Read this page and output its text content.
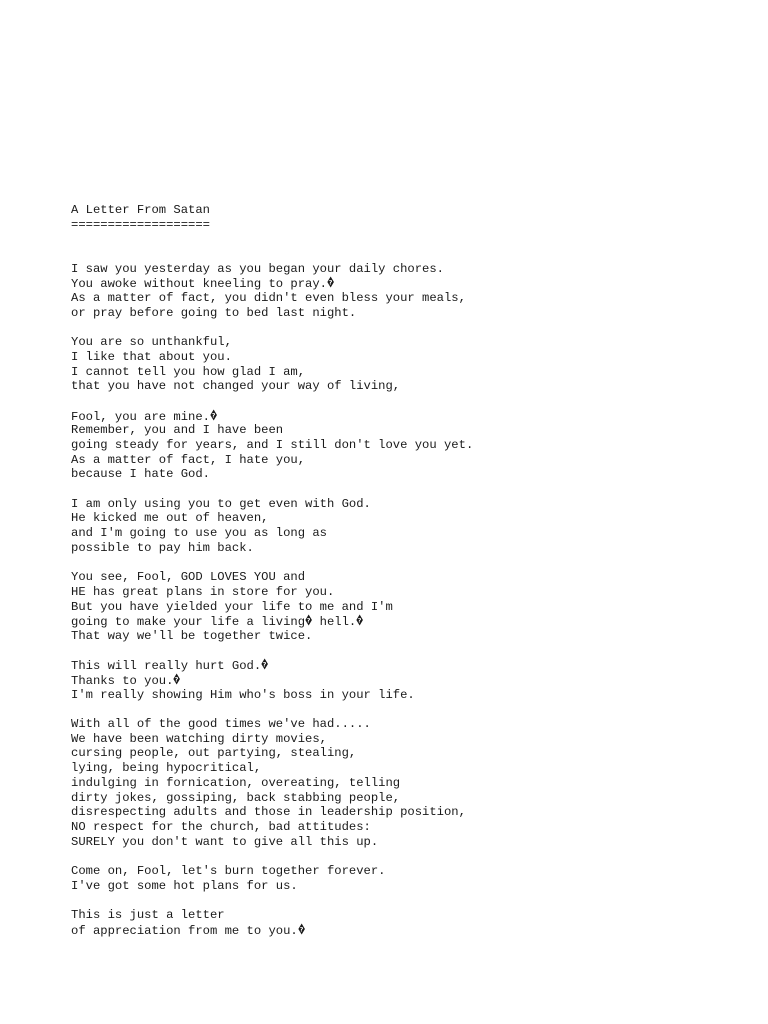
A Letter From Satan
===================
I saw you yesterday as you began your daily chores.
You awoke without kneeling to pray. ?
As a matter of fact, you didn't even bless your meals,
or pray before going to bed last night.
You are so unthankful,
I like that about you.
I cannot tell you how glad I am,
that you have not changed your way of living,
Fool, you are mine. ?
Remember, you and I have been
going steady for years, and I still don't love you yet.
As a matter of fact, I hate you,
because I hate God.
I am only using you to get even with God.
He kicked me out of heaven,
and I'm going to use you as long as
possible to pay him back.
You see, Fool, GOD LOVES YOU and
HE has great plans in store for you.
But you have yielded your life to me and I'm
going to make your life a living ? hell. ?
That way we'll be together twice.
This will really hurt God. ?
Thanks to you. ?
I'm really showing Him who's boss in your life.
With all of the good times we've had.....
We have been watching dirty movies,
cursing people, out partying, stealing,
lying, being hypocritical,
indulging in fornication, overeating, telling
dirty jokes, gossiping, back stabbing people,
disrespecting adults and those in leadership position,
NO respect for the church, bad attitudes:
SURELY you don't want to give all this up.
Come on, Fool, let's burn together forever.
I've got some hot plans for us.
This is just a letter
of appreciation from me to you. ?
